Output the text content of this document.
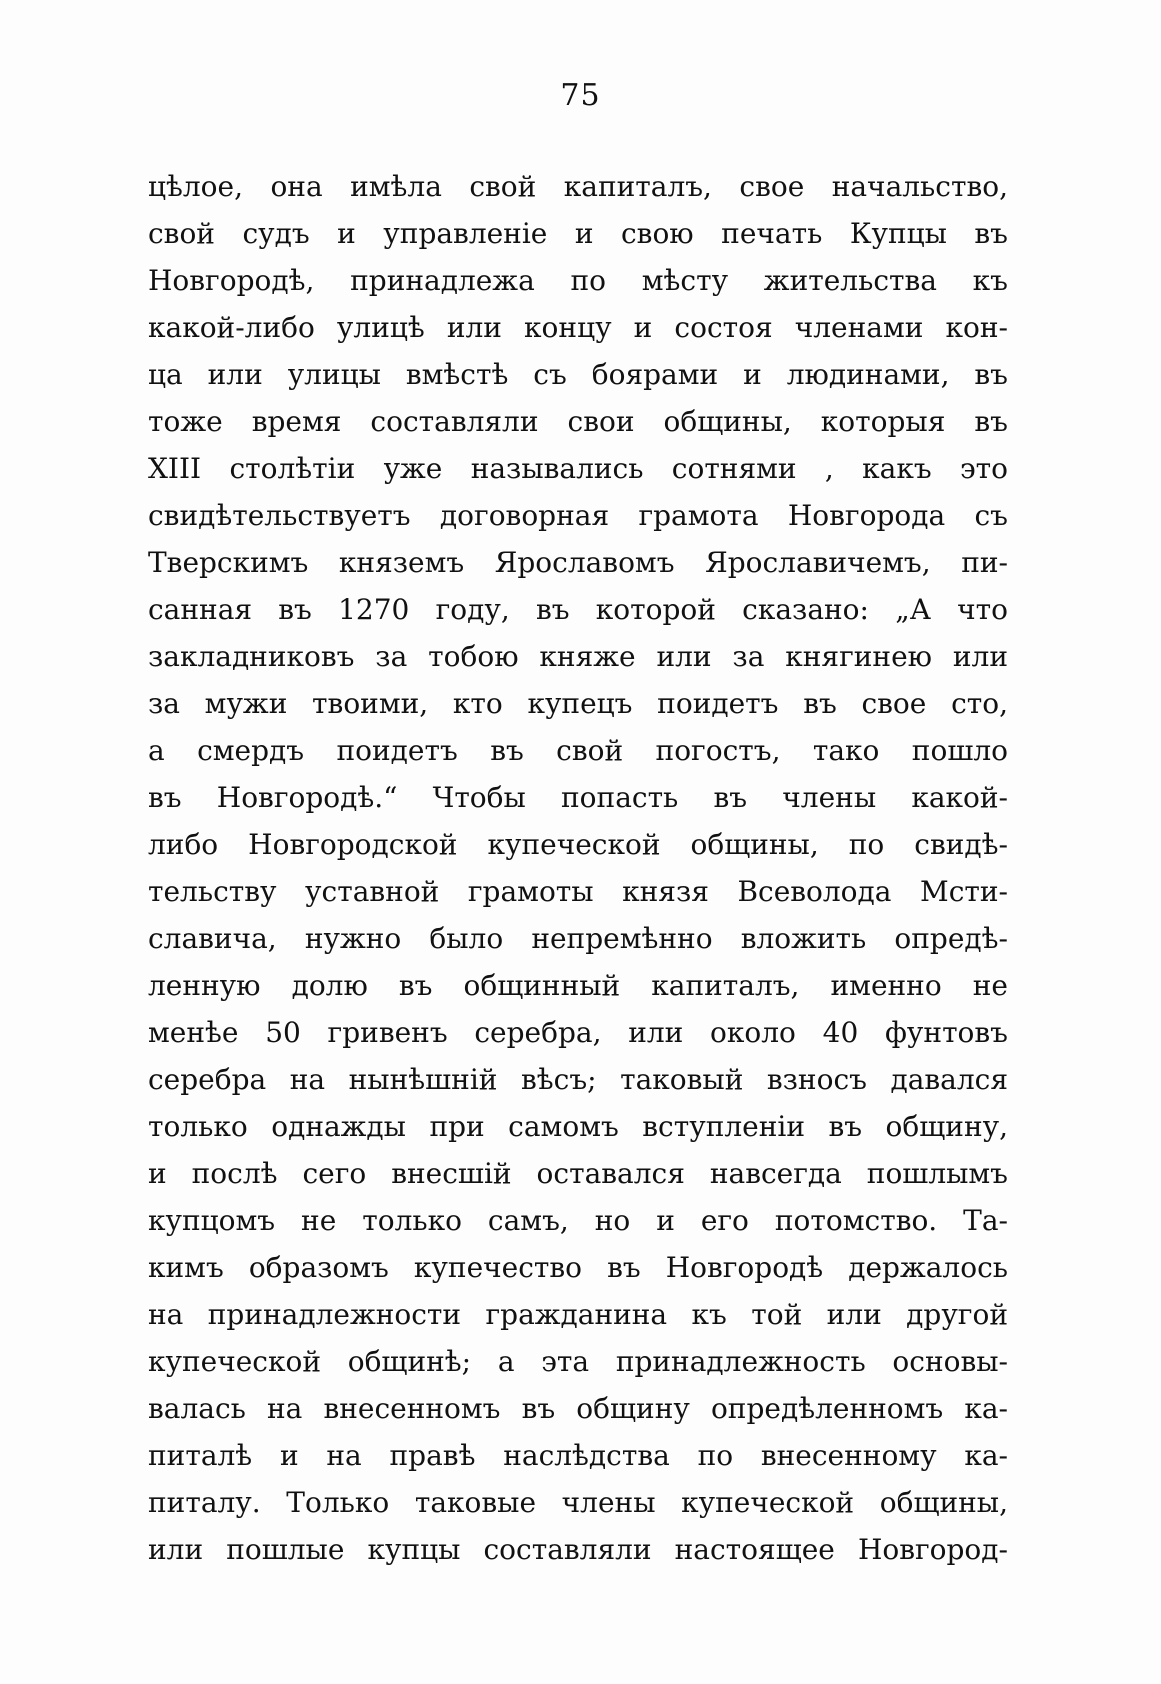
75
цѣлое, она имѣла свой капиталъ, свое начальство,
свой судъ и управленіе и свою печать Купцы въ
Новгородѣ, принадлежа по мѣсту жительства къ
какой-либо улицѣ или концу и состоя членами кон-
ца или улицы вмѣстѣ съ боярами и людинами, въ
тоже время составляли свои общины, которыя въ
XIII столѣтіи уже назывались сотнями , какъ это
свидѣтельствуетъ договорная грамота Новгорода съ
Тверскимъ княземъ Ярославомъ Ярославичемъ, пи-
санная въ 1270 году, въ которой сказано: „А что
закладниковъ за тобою княже или за княгинею или
за мужи твоими, кто купецъ поидетъ въ свое сто,
а смердъ поидетъ въ свой погостъ, тако пошло
въ Новгородѣ.“ Чтобы попасть въ члены какой-
либо Новгородской купеческой общины, по свидѣ-
тельству уставной грамоты князя Всеволода Мсти-
славича, нужно было непремѣнно вложить опредѣ-
ленную долю въ общинный капиталъ, именно не
менѣе 50 гривенъ серебра, или около 40 фунтовъ
серебра на нынѣшній вѣсъ; таковый взносъ давался
только однажды при самомъ вступленіи въ общину,
и послѣ сего внесшій оставался навсегда пошлымъ
купцомъ не только самъ, но и его потомство. Та-
кимъ образомъ купечество въ Новгородѣ держалось
на принадлежности гражданина къ той или другой
купеческой общинѣ; а эта принадлежность основы-
валась на внесенномъ въ общину опредѣленномъ ка-
питалѣ и на правѣ наслѣдства по внесенному ка-
питалу. Только таковые члены купеческой общины,
или пошлые купцы составляли настоящее Новгород-
